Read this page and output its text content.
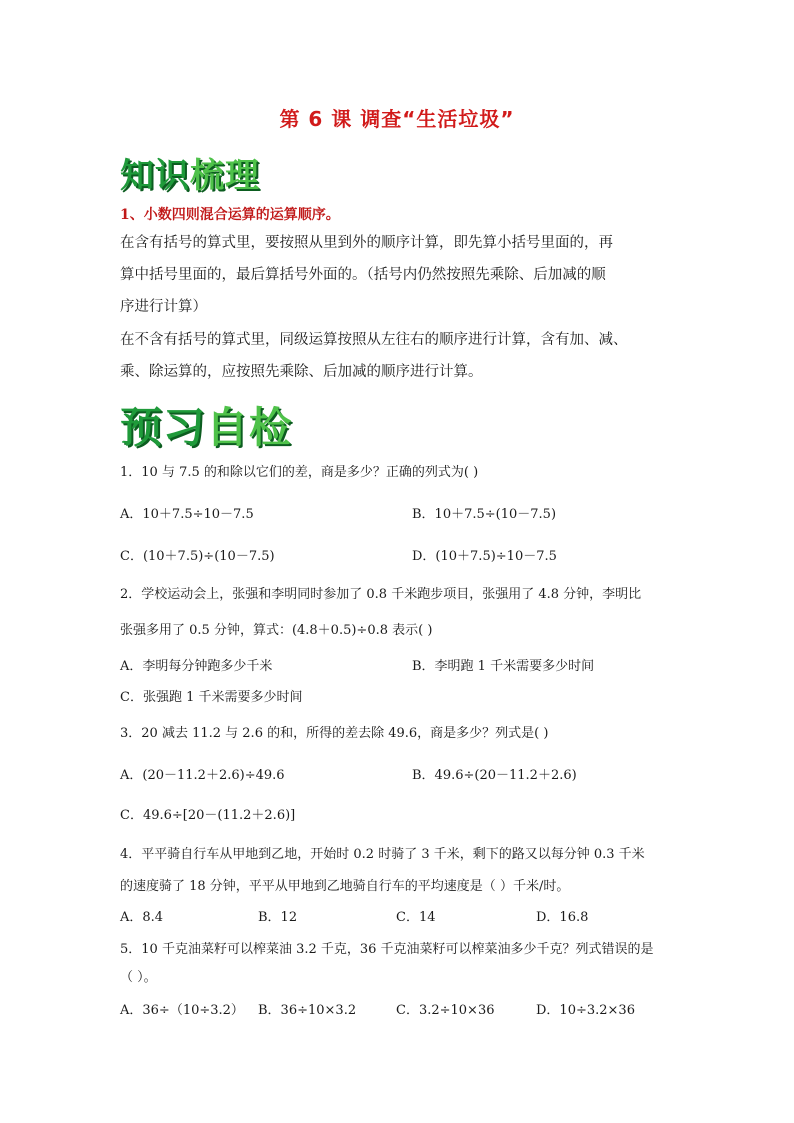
第 6 课 调查“生活垃圾”
知识梳理
1、小数四则混合运算的运算顺序。
在含有括号的算式里，要按照从里到外的顺序计算，即先算小括号里面的，再
算中括号里面的，最后算括号外面的。（括号内仍然按照先乘除、后加减的顺
序进行计算）
在不含有括号的算式里，同级运算按照从左往右的顺序进行计算，含有加、减、
乘、除运算的，应按照先乘除、后加减的顺序进行计算。
预习自检
1．10 与 7.5 的和除以它们的差，商是多少？正确的列式为( )
A．10＋7.5÷10－7.5	B．10＋7.5÷(10－7.5)
C．(10＋7.5)÷(10－7.5)	D．(10＋7.5)÷10－7.5
2．学校运动会上，张强和李明同时参加了 0.8 千米跑步项目，张强用了 4.8 分钟，李明比
张强多用了 0.5 分钟，算式：(4.8＋0.5)÷0.8 表示( )
A．李明每分钟跑多少千米	B．李明跑 1 千米需要多少时间
C．张强跑 1 千米需要多少时间
3．20 减去 11.2 与 2.6 的和，所得的差去除 49.6，商是多少？列式是( )
A．(20－11.2＋2.6)÷49.6	B．49.6÷(20－11.2＋2.6)
C．49.6÷[20－(11.2＋2.6)]
4．平平骑自行车从甲地到乙地，开始时 0.2 时骑了 3 千米，剩下的路又以每分钟 0.3 千米
的速度骑了 18 分钟，平平从甲地到乙地骑自行车的平均速度是（ ）千米/时。
A．8.4	B．12	C．14	D．16.8
5．10 千克油菜籽可以榨菜油 3.2 千克，36 千克油菜籽可以榨菜油多少千克？列式错误的是
（ ）。
A．36÷（10÷3.2） B．36÷10×3.2	C．3.2÷10×36	D．10÷3.2×36
